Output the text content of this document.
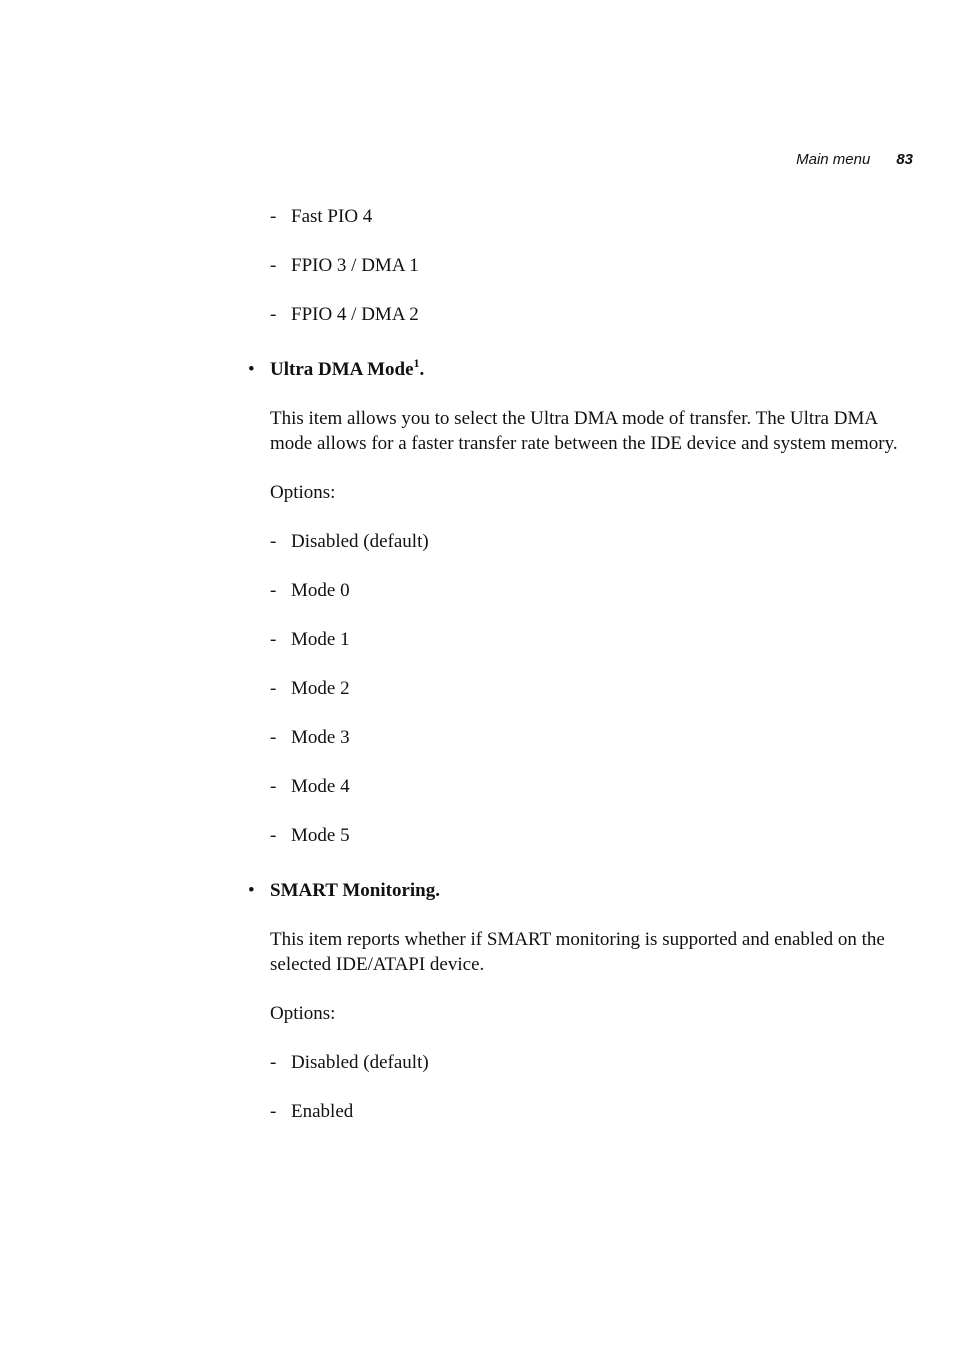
Main menu 83
- Fast PIO 4
- FPIO 3 / DMA 1
- FPIO 4 / DMA 2
• Ultra DMA Mode$^1$.

This item allows you to select the Ultra DMA mode of transfer. The Ultra DMA mode allows for a faster transfer rate between the IDE device and system memory.

Options:

- Disabled (default)
- Mode 0
- Mode 1
- Mode 2
- Mode 3
- Mode 4
- Mode 5
• SMART Monitoring.

This item reports whether if SMART monitoring is supported and enabled on the selected IDE/ATAPI device.

Options:

- Disabled (default)
- Enabled
